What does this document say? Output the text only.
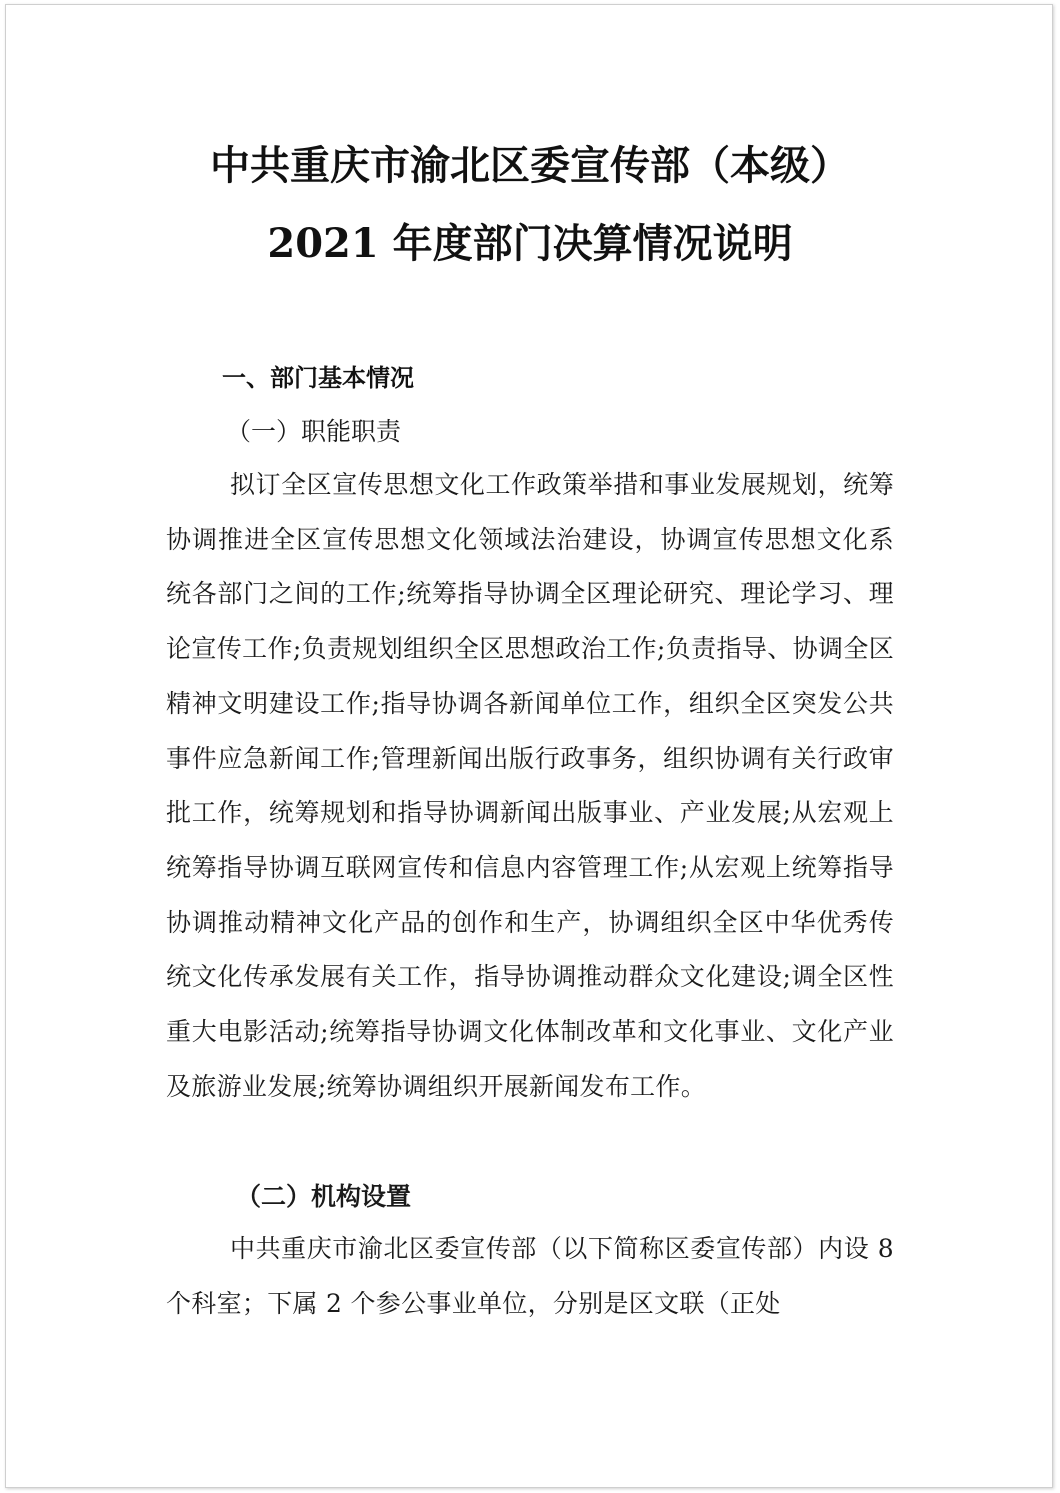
中共重庆市渝北区委宣传部（本级）
2021 年度部门决算情况说明
一、部门基本情况
（一）职能职责

拟订全区宣传思想文化工作政策举措和事业发展规划，统筹协调推进全区宣传思想文化领域法治建设，协调宣传思想文化系统各部门之间的工作;统筹指导协调全区理论研究、理论学习、理论宣传工作;负责规划组织全区思想政治工作;负责指导、协调全区精神文明建设工作;指导协调各新闻单位工作，组织全区突发公共事件应急新闻工作;管理新闻出版行政事务，组织协调有关行政审批工作，统筹规划和指导协调新闻出版事业、产业发展;从宏观上统筹指导协调互联网宣传和信息内容管理工作;从宏观上统筹指导协调推动精神文化产品的创作和生产，协调组织全区中华优秀传统文化传承发展有关工作，指导协调推动群众文化建设;调全区性重大电影活动;统筹指导协调文化体制改革和文化事业、文化产业及旅游业发展;统筹协调组织开展新闻发布工作。

（二）机构设置

中共重庆市渝北区委宣传部（以下简称区委宣传部）内设 8 个科室；下属 2 个参公事业单位，分别是区文联（正处
